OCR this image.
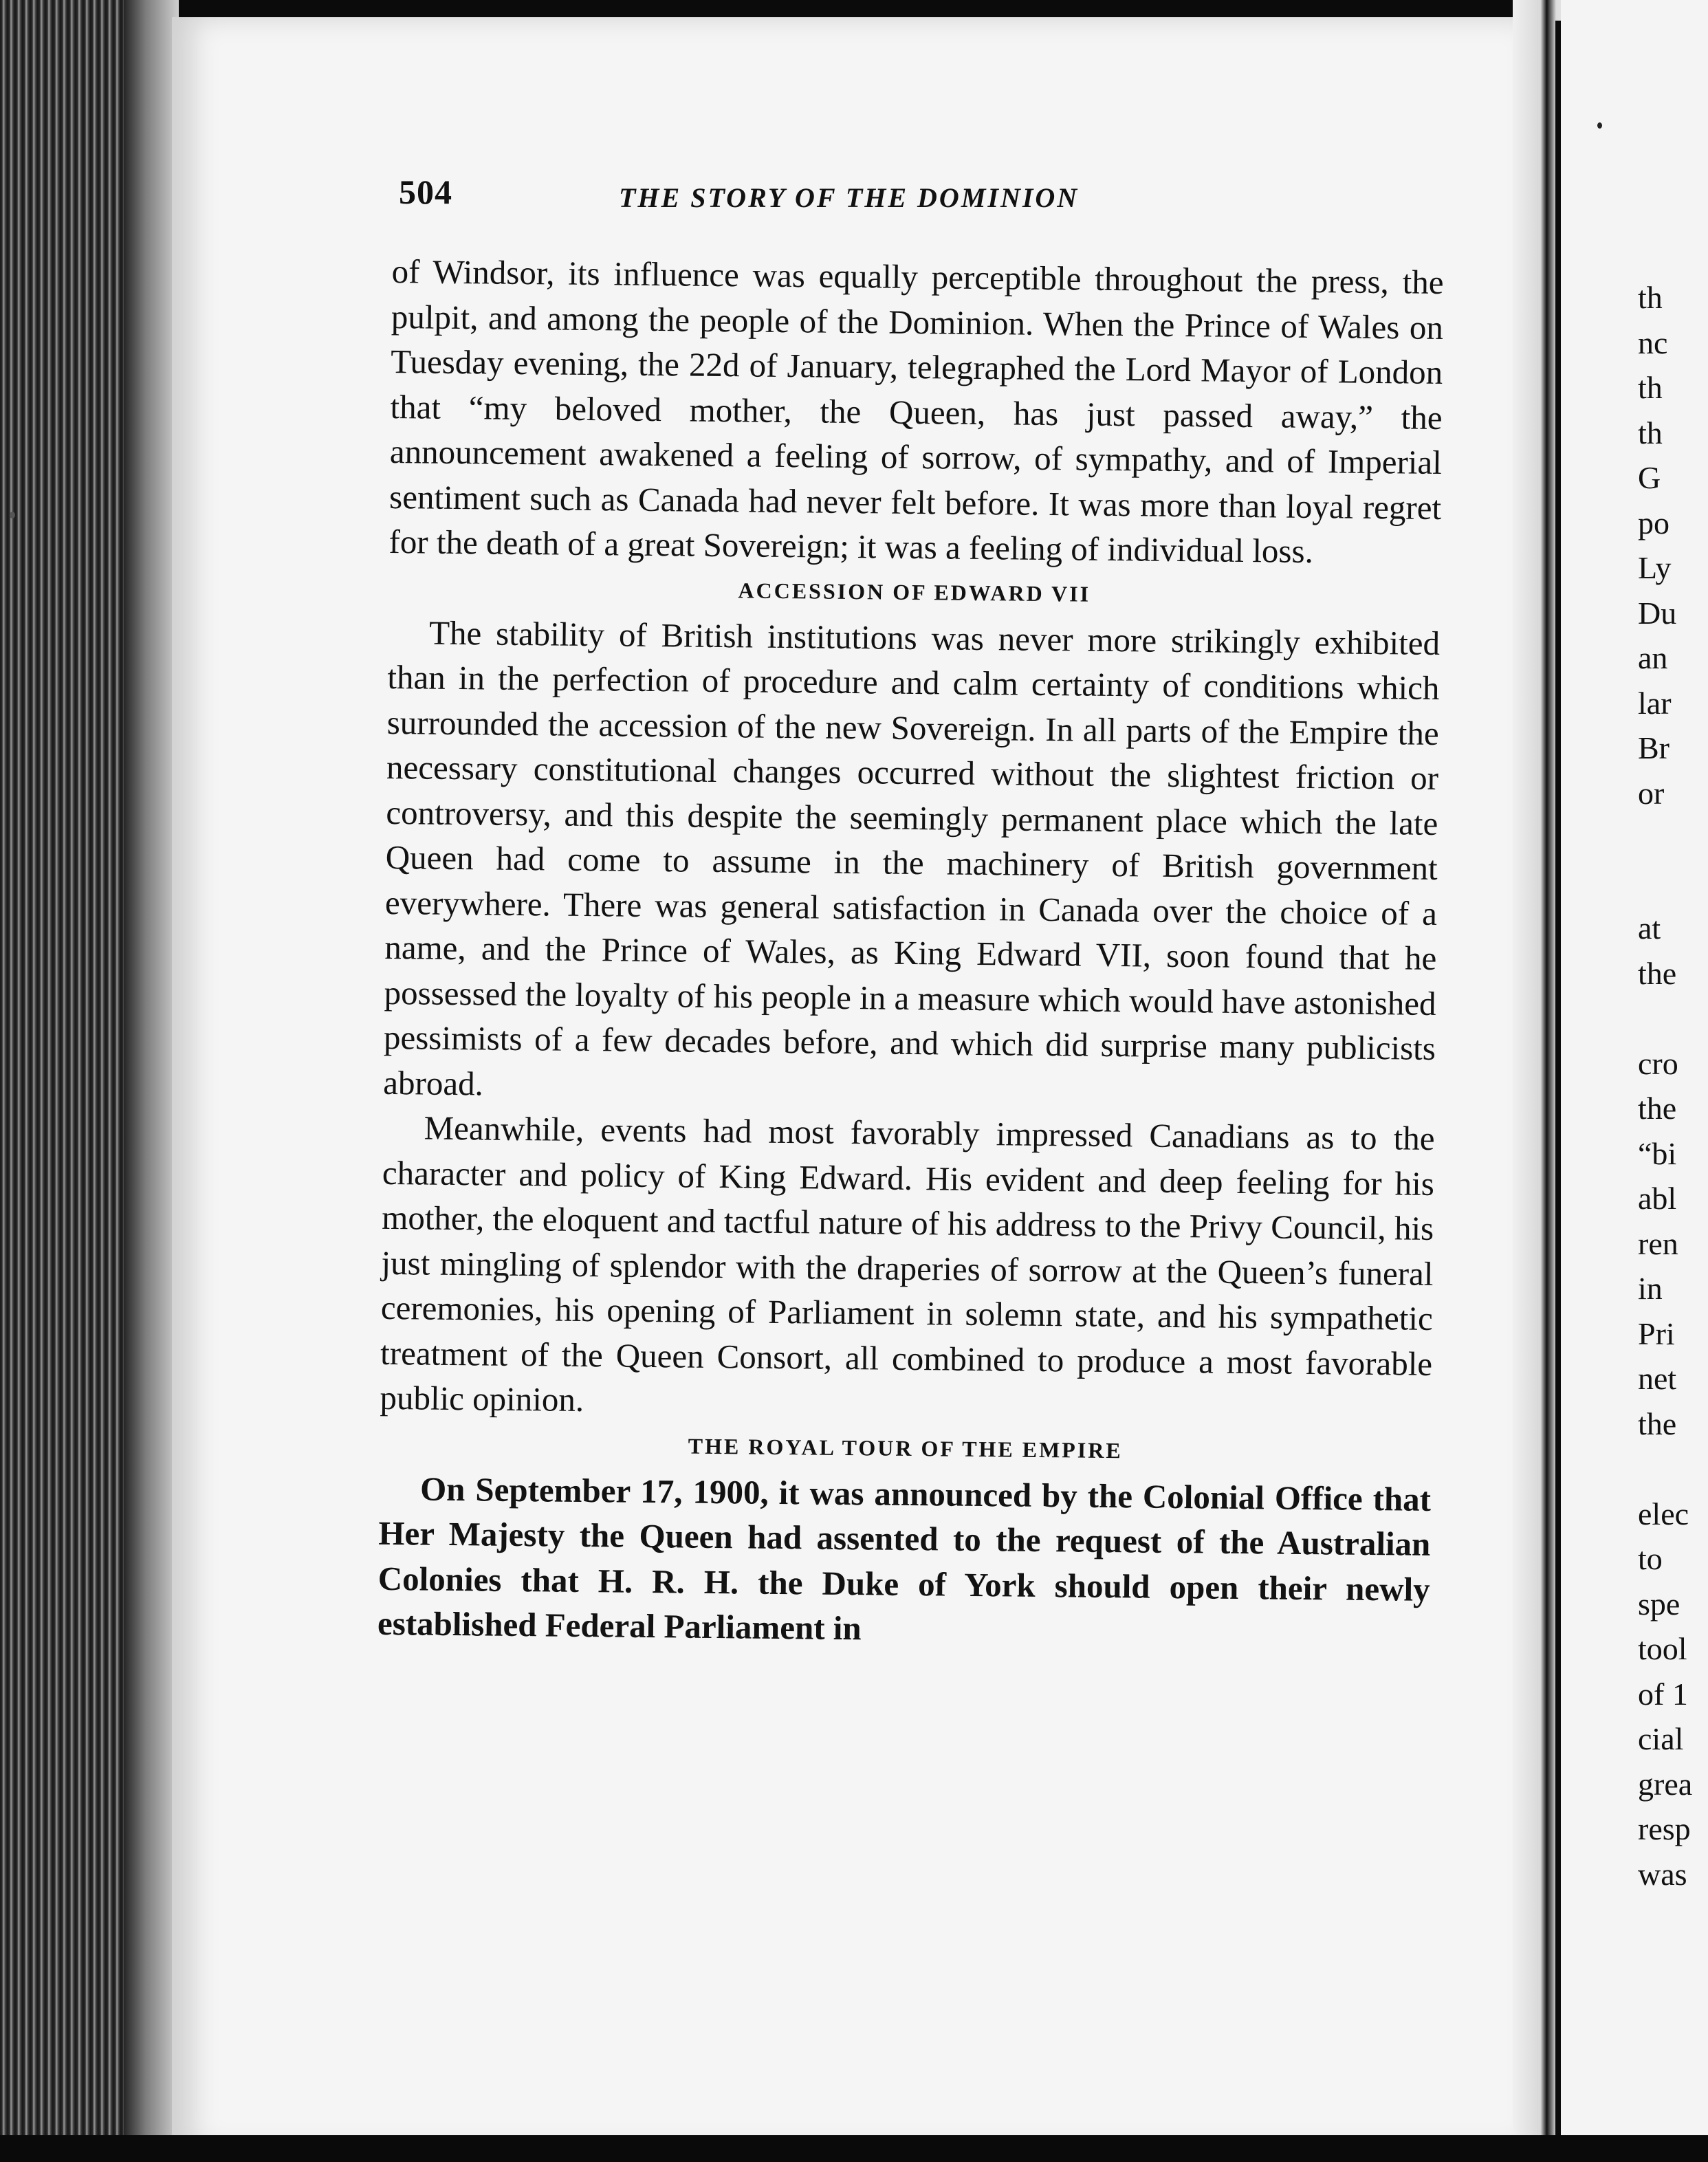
504	THE STORY OF THE DOMINION

of Windsor, its influence was equally perceptible throughout the press, the pulpit, and among the people of the Dominion. When the Prince of Wales on Tuesday evening, the 22d of January, telegraphed the Lord Mayor of London that “my beloved mother, the Queen, has just passed away,” the announcement awakened a feeling of sorrow, of sympathy, and of Imperial sentiment such as Canada had never felt before. It was more than loyal regret for the death of a great Sovereign; it was a feeling of individual loss.

ACCESSION OF EDWARD VII

The stability of British institutions was never more strikingly exhibited than in the perfection of procedure and calm certainty of conditions which surrounded the accession of the new Sovereign. In all parts of the Empire the necessary constitutional changes occurred without the slightest friction or controversy, and this despite the seemingly permanent place which the late Queen had come to assume in the machinery of British government everywhere. There was general satisfaction in Canada over the choice of a name, and the Prince of Wales, as King Edward VII, soon found that he possessed the loyalty of his people in a measure which would have astonished pessimists of a few decades before, and which did surprise many publicists abroad.

Meanwhile, events had most favorably impressed Canadians as to the character and policy of King Edward. His evident and deep feeling for his mother, the eloquent and tactful nature of his address to the Privy Council, his just mingling of splendor with the draperies of sorrow at the Queen’s funeral ceremonies, his opening of Parliament in solemn state, and his sympathetic treatment of the Queen Consort, all combined to produce a most favorable public opinion.

THE ROYAL TOUR OF THE EMPIRE

On September 17, 1900, it was announced by the Colonial Office that Her Majesty the Queen had assented to the request of the Australian Colonies that H. R. H. the Duke of York should open their newly established Federal Parliament in

th
nc
th
th
G
po
Ly
Du
an
lar
Br
or
at
the
cro
the
“bi
abl
ren
in
Pri
net
the
elec
to
spe
tool
of 1
cial
grea
resp
was
